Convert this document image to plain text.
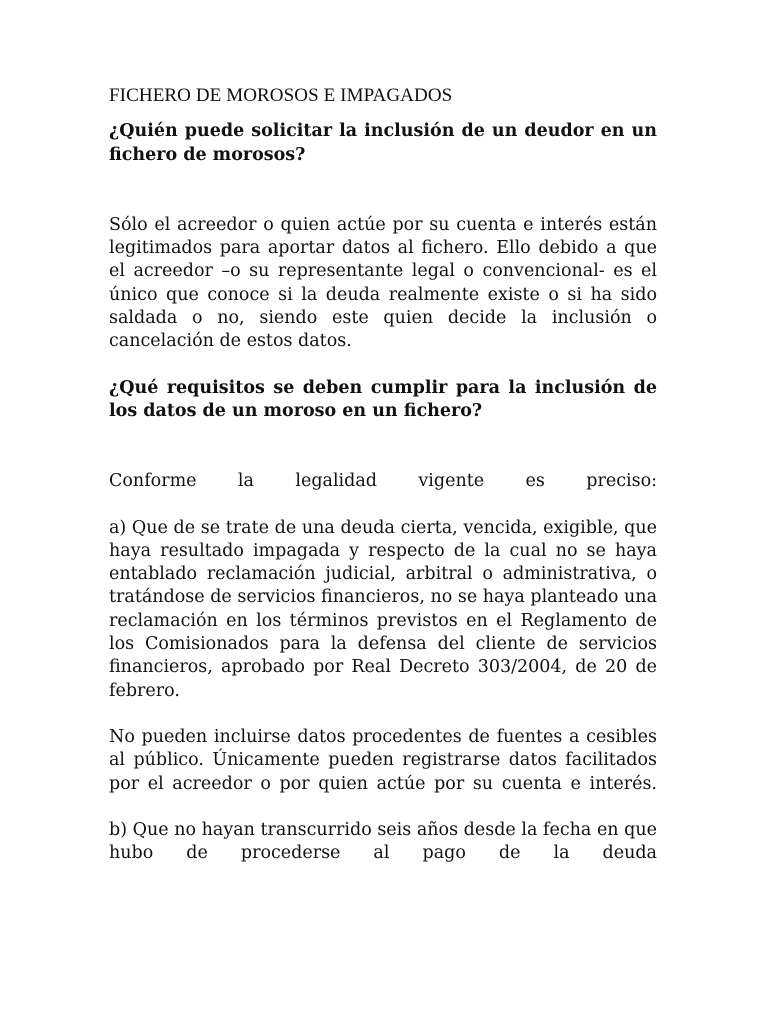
FICHERO DE MOROSOS E IMPAGADOS

¿Quién puede solicitar la inclusión de un deudor en un fichero de morosos?

Sólo el acreedor o quien actúe por su cuenta e interés están legitimados para aportar datos al fichero. Ello debido a que el acreedor –o su representante legal o convencional- es el único que conoce si la deuda realmente existe o si ha sido saldada o no, siendo este quien decide la inclusión o cancelación de estos datos.

¿Qué requisitos se deben cumplir para la inclusión de los datos de un moroso en un fichero?

Conforme la legalidad vigente es preciso:

a) Que de se trate de una deuda cierta, vencida, exigible, que haya resultado impagada y respecto de la cual no se haya entablado reclamación judicial, arbitral o administrativa, o tratándose de servicios financieros, no se haya planteado una reclamación en los términos previstos en el Reglamento de los Comisionados para la defensa del cliente de servicios financieros, aprobado por Real Decreto 303/2004, de 20 de febrero.

No pueden incluirse datos procedentes de fuentes a cesibles al público. Únicamente pueden registrarse datos facilitados por el acreedor o por quien actúe por su cuenta e interés.

b) Que no hayan transcurrido seis años desde la fecha en que hubo de procederse al pago de la deuda
